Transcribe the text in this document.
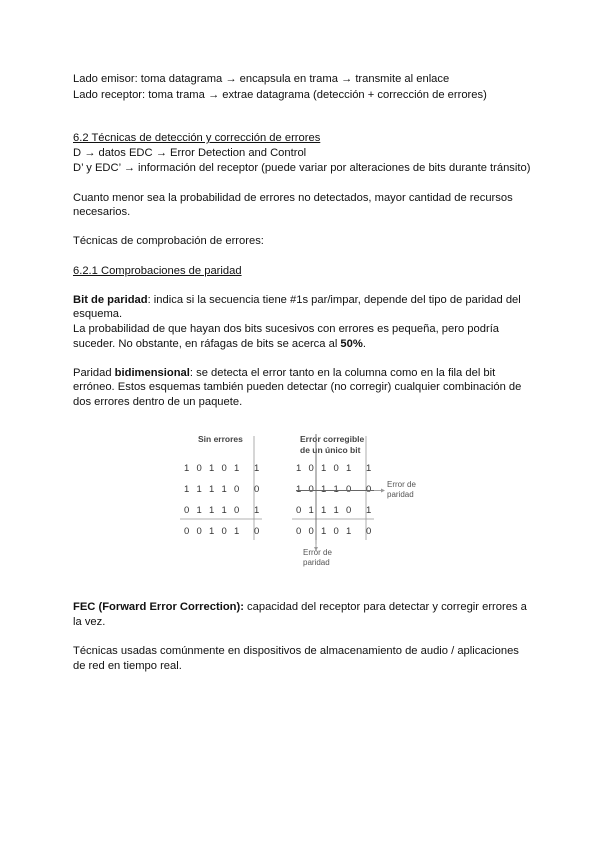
Lado emisor: toma datagrama → encapsula en trama → transmite al enlace
Lado receptor: toma trama → extrae datagrama (detección + corrección de errores)
6.2 Técnicas de detección y corrección de errores
D → datos EDC → Error Detection and Control
D’ y EDC’ → información del receptor (puede variar por alteraciones de bits durante tránsito)
Cuanto menor sea la probabilidad de errores no detectados, mayor cantidad de recursos
necesarios.
Técnicas de comprobación de errores:
6.2.1 Comprobaciones de paridad
Bit de paridad: indica si la secuencia tiene #1s par/impar, depende del tipo de paridad del
esquema.
La probabilidad de que hayan dos bits sucesivos con errores es pequeña, pero podría
suceder. No obstante, en ráfagas de bits se acerca al 50%.
Paridad bidimensional: se detecta el error tanto en la columna como en la fila del bit
erróneo. Estos esquemas también pueden detectar (no corregir) cualquier combinación de
dos errores dentro de un paquete.
Sin errores	Error corregible
de un único bit
1 0 1 0 1 1
1 1 1 1 0 0
0 1 1 1 0 1
0 0 1 0 1 0
1 0 1 0 1 1
1 0 1 1 0 0
0 1 1 1 0 1
0 0 1 0 1 0
Error de
paridad
Error de
paridad
FEC (Forward Error Correction): capacidad del receptor para detectar y corregir errores a
la vez.
Técnicas usadas comúnmente en dispositivos de almacenamiento de audio / aplicaciones
de red en tiempo real.
